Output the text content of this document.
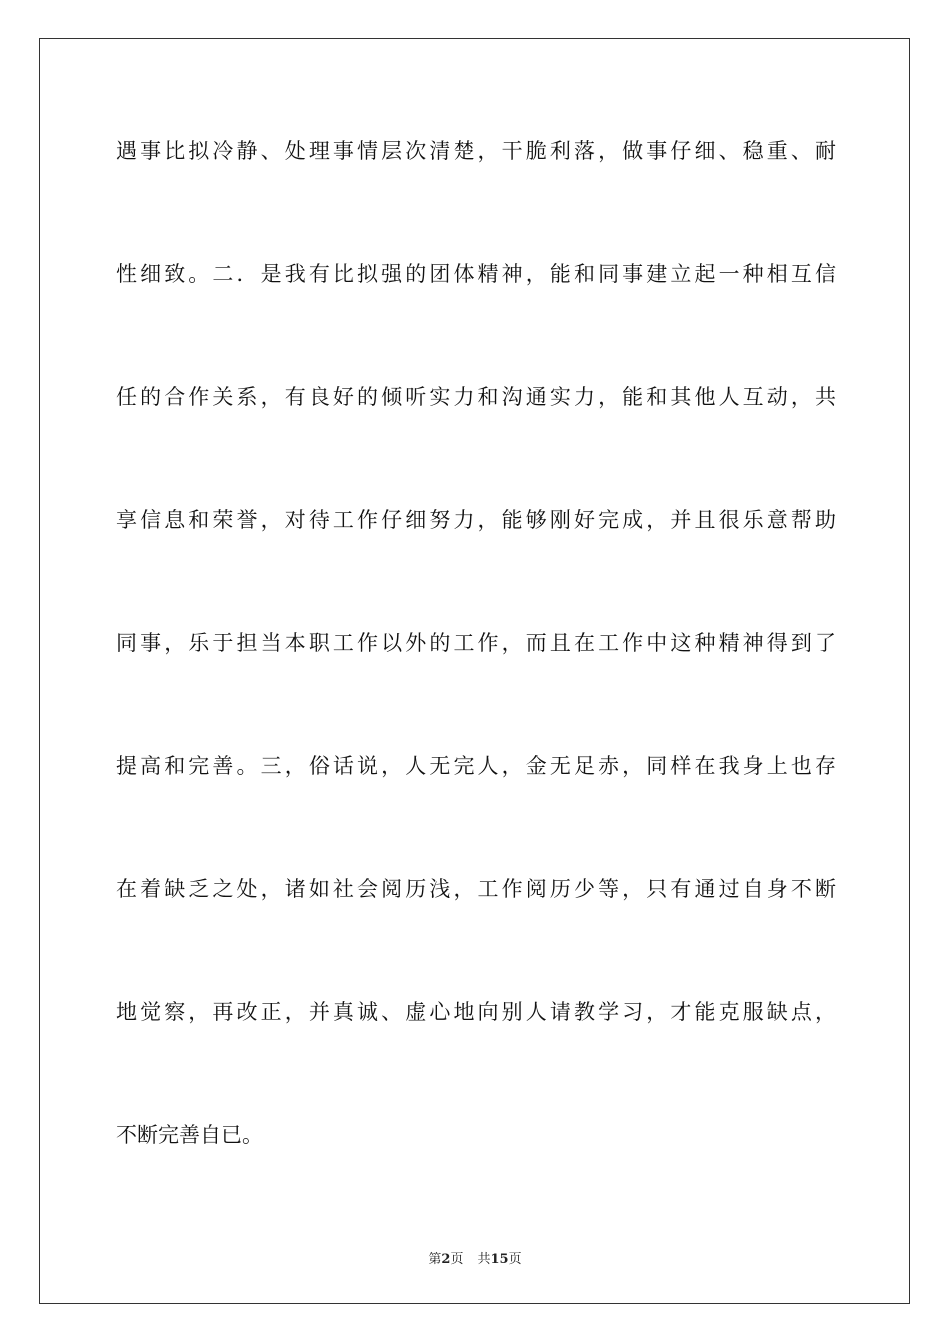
遇事比拟冷静、处理事情层次清楚，干脆利落，做事仔细、稳重、耐
性细致。二．是我有比拟强的团体精神，能和同事建立起一种相互信
任的合作关系，有良好的倾听实力和沟通实力，能和其他人互动，共
享信息和荣誉，对待工作仔细努力，能够刚好完成，并且很乐意帮助
同事，乐于担当本职工作以外的工作，而且在工作中这种精神得到了
提高和完善。三，俗话说，人无完人，金无足赤，同样在我身上也存
在着缺乏之处，诸如社会阅历浅，工作阅历少等，只有通过自身不断
地觉察，再改正，并真诚、虚心地向别人请教学习，才能克服缺点，
不断完善自已。
第2页 共15页
